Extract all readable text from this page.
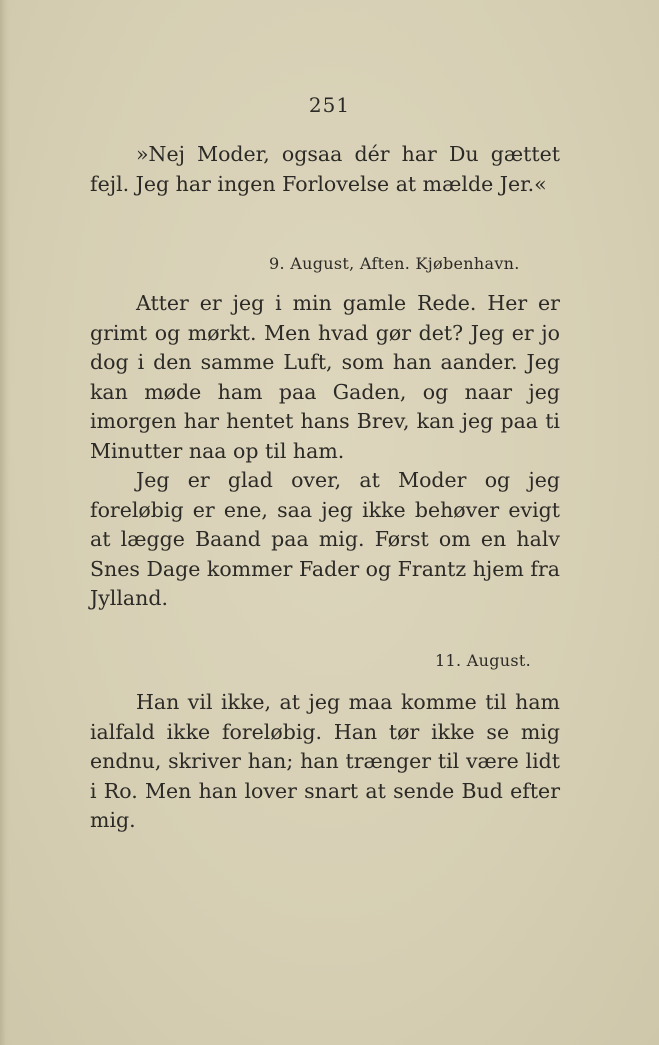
251

»Nej Moder, ogsaa dér har Du gættet fejl. Jeg har ingen Forlovelse at mælde Jer.«

9. August, Aften. Kjøbenhavn.

Atter er jeg i min gamle Rede. Her er grimt og mørkt. Men hvad gør det? Jeg er jo dog i den samme Luft, som han aander. Jeg kan møde ham paa Gaden, og naar jeg imorgen har hentet hans Brev, kan jeg paa ti Minutter naa op til ham.

Jeg er glad over, at Moder og jeg foreløbig er ene, saa jeg ikke behøver evigt at lægge Baand paa mig. Først om en halv Snes Dage kommer Fader og Frantz hjem fra Jylland.

11. August.

Han vil ikke, at jeg maa komme til ham ialfald ikke foreløbig. Han tør ikke se mig endnu, skriver han; han trænger til være lidt i Ro. Men han lover snart at sende Bud efter mig.
